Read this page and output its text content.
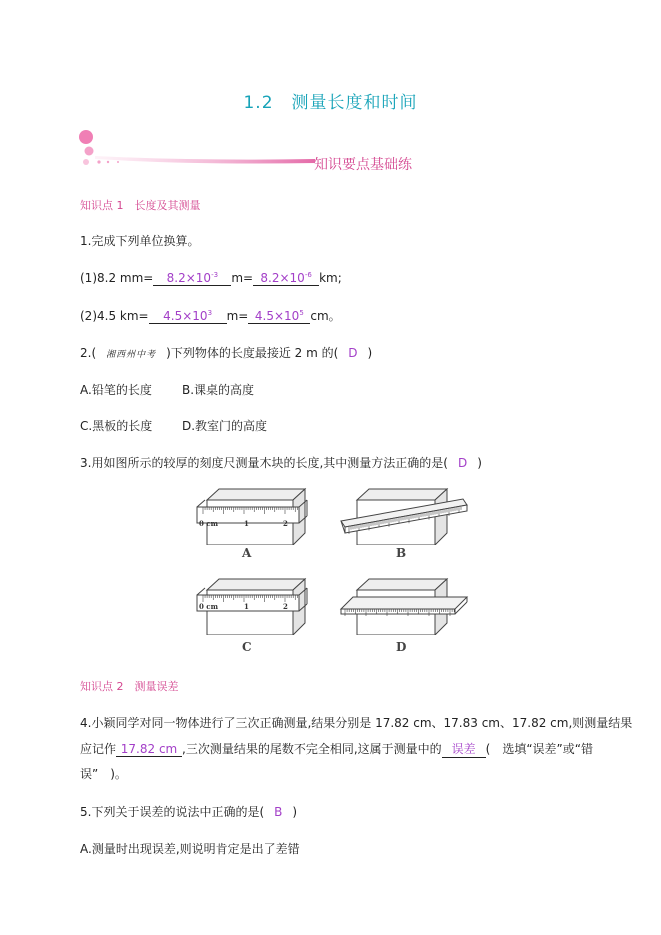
1.2 测量长度和时间
知识要点基础练
知识点 1　 长度及其测量
1.完成下列单位换算。
(1)8.2 $mm= 8.2\times 10^{-3}$ $m= 8.2\times 10^{-6}$ km;
(2)4.5 $km= 4.5\times 10^3$ $m= 4.5\times 10^5$ cm。
2.( 湘西州中考 )下列物体的长度最接近 2 m 的( D )
A.铅笔的长度	B.课桌的高度
C.黑板的长度 D.教室门的高度
3.用如图所示的较厚的刻度尺测量木块的长度,其中测量方法正确的是( D )
0 cm	1	2
A	B
0 cm	1	2
C	D
知识点 2　 测量误差
4.小颖同学对同一物体进行了三次正确测量,结果分别是 17.82 cm、17.83 cm、17.82 cm,则测量结果
应记作 17.82 cm ,三次测量结果的尾数不完全相同,这属于测量中的 误差 (　选填“误差”或“错
误”　)。
5.下列关于误差的说法中正确的是( B )
A.测量时出现误差,则说明肯定是出了差错
